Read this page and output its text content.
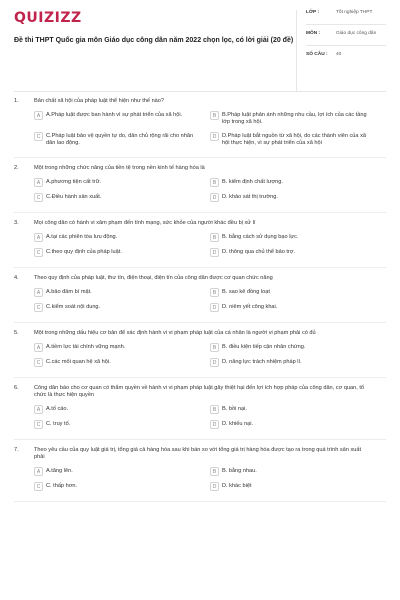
QUIZIZZ
Đề thi THPT Quốc gia môn Giáo dục công dân năm 2022 chọn lọc, có lời giải (20 đề)
LỚP :	Tốt nghiệp THPT
MÔN :	Giáo dục công dân
SỐ CÂU :	40
1.	Bản chất xã hội của pháp luật thể hiện như thế nào?
A	A.Pháp luật được ban hành vì sự phát triển của xã hội.	B	B.Pháp luật phản ánh những nhu cầu, lợi ích của các tầng lớp trong xã hội.
C	C.Pháp luật bảo vệ quyền tự do, dân chủ rộng rãi cho nhân dân lao động.
D	D.Pháp luật bắt nguồn từ xã hội, do các thành viên của xã hội thực hiện, vì sự phát triển của xã hội
2.	Một trong những chức năng của tiền tệ trong nền kinh tế hàng hóa là
A	A.phương tiện cất trữ.	B	B. kiểm định chất lượng.
C	C.Điều hành sản xuất.	D	D. khảo sát thị trường.
3.	Mọi công dân có hành vi xâm phạm đến tính mạng, sức khỏe của người khác đều bị xử lí
A	A.tại các phiên tòa lưu động.	B	B. bằng cách sử dụng bạo lực.
C	C.theo quy định của pháp luật.	D	D. thông qua chủ thể bảo trợ.
4.	Theo quy định của pháp luật, thư tín, điện thoại, điện tín của công dân được cơ quan chức năng
A	A.bảo đảm bí mật.	B	B. sao kê đồng loạt
C	C.kiểm soát nội dung.	D	D. niêm yết công khai.
5.	Một trong những dấu hiệu cơ bản để xác định hành vi vi phạm pháp luật của cá nhân là người vi phạm phải có đủ
A	A.tiềm lực tài chính vững mạnh.	B	B. điều kiện tiếp cận nhân chứng.
C	C.các mối quan hệ xã hội.	D	D. năng lực trách nhiệm pháp lí.
6.	Công dân báo cho cơ quan có thẩm quyền về hành vi vi phạm pháp luật gây thiệt hại đến lợi ích hợp pháp của công dân, cơ quan, tổ chức là thực hiện quyền
A	A.tố cáo.	B	B. bồi nại.
C	C. truy tố.	D	D. khiếu nại.
7.	Theo yêu cầu của quy luật giá trị, tổng giá cả hàng hóa sau khi bán so với tổng giá trị hàng hóa được tạo ra trong quá trình sản xuất phải
A	A.tăng lên.	B	B. bằng nhau.
C	C. thấp hơn.	D	D. khác biệt
